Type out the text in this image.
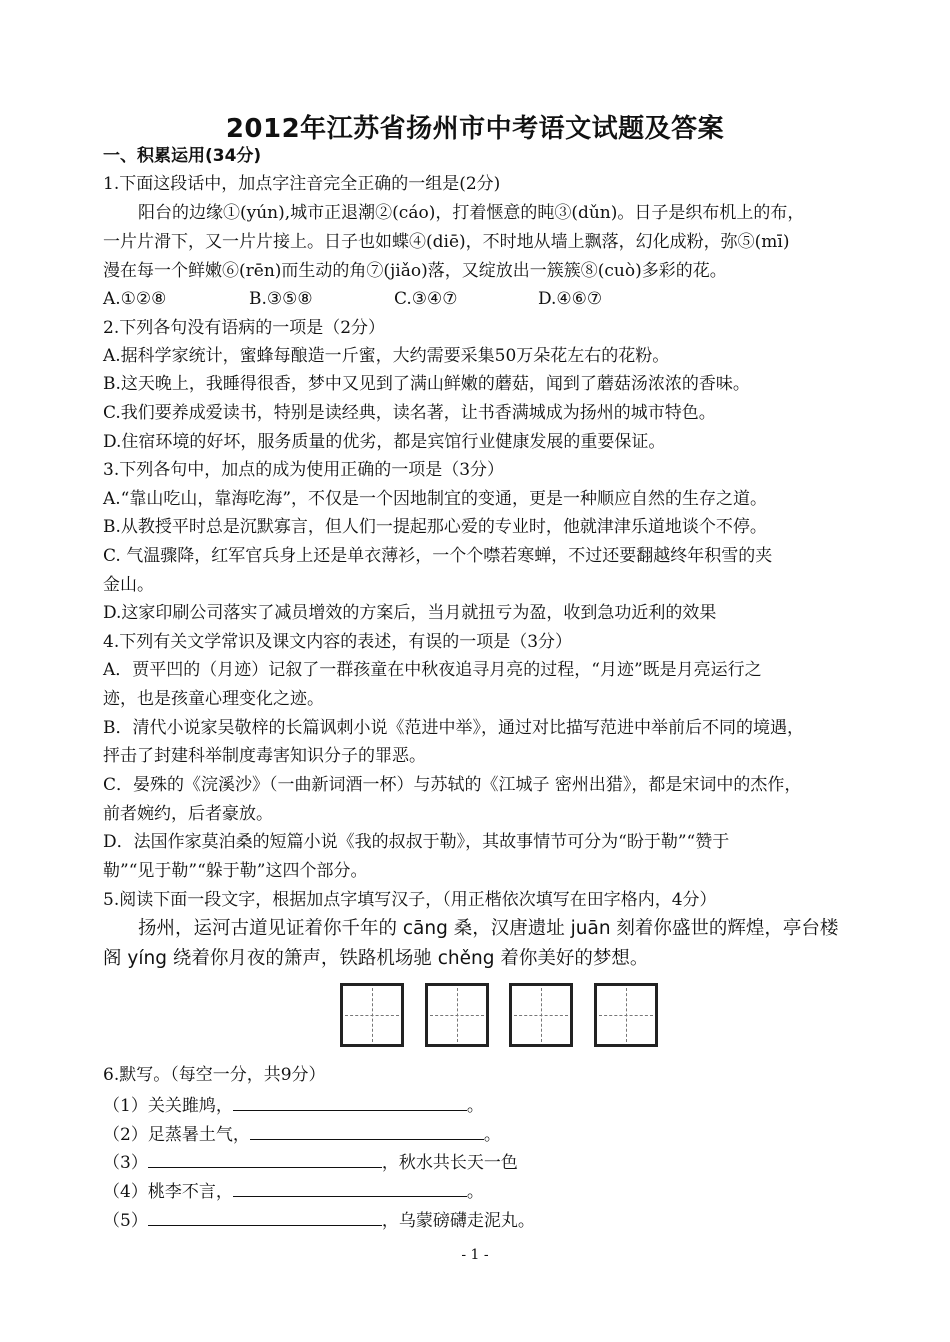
2012年江苏省扬州市中考语文试题及答案
一、积累运用(34分)
1.下面这段话中，加点字注音完全正确的一组是(2分)
阳台的边缘①(yún),城市正退潮②(cáo)，打着惬意的盹③(dǔn)。日子是织布机上的布，
一片片滑下，又一片片接上。日子也如蝶④(diē)，不时地从墙上飘落，幻化成粉，弥⑤(mī)
漫在每一个鲜嫩⑥(rēn)而生动的角⑦(jiǎo)落，又绽放出一簇簇⑧(cuò)多彩的花。
A.①②⑧	B.③⑤⑧	C.③④⑦	D.④⑥⑦
2.下列各句没有语病的一项是（2分）
A.据科学家统计，蜜蜂每酿造一斤蜜，大约需要采集50万朵花左右的花粉。
B.这天晚上，我睡得很香，梦中又见到了满山鲜嫩的蘑菇，闻到了蘑菇汤浓浓的香味。
C.我们要养成爱读书，特别是读经典，读名著，让书香满城成为扬州的城市特色。
D.住宿环境的好坏，服务质量的优劣，都是宾馆行业健康发展的重要保证。
3.下列各句中，加点的成为使用正确的一项是（3分）
A.“靠山吃山，靠海吃海”，不仅是一个因地制宜的变通，更是一种顺应自然的生存之道。
B.从教授平时总是沉默寡言，但人们一提起那心爱的专业时，他就津津乐道地谈个不停。
C. 气温骤降，红军官兵身上还是单衣薄衫，一个个噤若寒蝉，不过还要翻越终年积雪的夹
金山。
D.这家印刷公司落实了减员增效的方案后，当月就扭亏为盈，收到急功近利的效果
4.下列有关文学常识及课文内容的表述，有误的一项是（3分）
A．贾平凹的（月迹）记叙了一群孩童在中秋夜追寻月亮的过程，“月迹”既是月亮运行之
迹，也是孩童心理变化之迹。
B．清代小说家吴敬梓的长篇讽刺小说《范进中举》，通过对比描写范进中举前后不同的境遇，
抨击了封建科举制度毒害知识分子的罪恶。
C．晏殊的《浣溪沙》（一曲新词酒一杯）与苏轼的《江城子 密州出猎》，都是宋词中的杰作，
前者婉约，后者豪放。
D．法国作家莫泊桑的短篇小说《我的叔叔于勒》，其故事情节可分为“盼于勒”“赞于
勒”“见于勒”“躲于勒”这四个部分。
5.阅读下面一段文字，根据加点字填写汉子，（用正楷依次填写在田字格内，4分）
扬州，运河古道见证着你千年的 cāng 桑，汉唐遗址 juān 刻着你盛世的辉煌，亭台楼
阁 yíng 绕着你月夜的箫声，铁路机场驰 chěng 着你美好的梦想。
6.默写。（每空一分，共9分）
（1）关关雎鸠，	。
（2）足蒸暑土气，	。
（3）	，秋水共长天一色
（4）桃李不言，	。
（5）	，乌蒙磅礴走泥丸。
- 1 -
